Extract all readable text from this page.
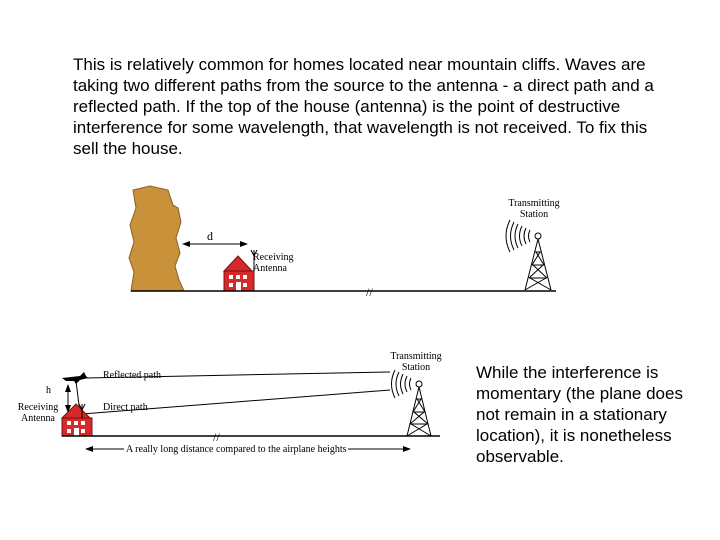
This is relatively common for homes located near mountain cliffs. Waves are taking two different paths from the source to the antenna - a direct path and a reflected path. If the top of the house (antenna) is the point of destructive interference for some wavelength, that wavelength is not received. To fix this sell the house.
//
//
Transmitting Station
Receiving Antenna
d
Transmitting Station
Reflected path
Direct path
h
Receiving Antenna
A really long distance compared to the airplane heights
While the interference is momentary (the plane does not remain in a stationary location), it is nonetheless observable.
